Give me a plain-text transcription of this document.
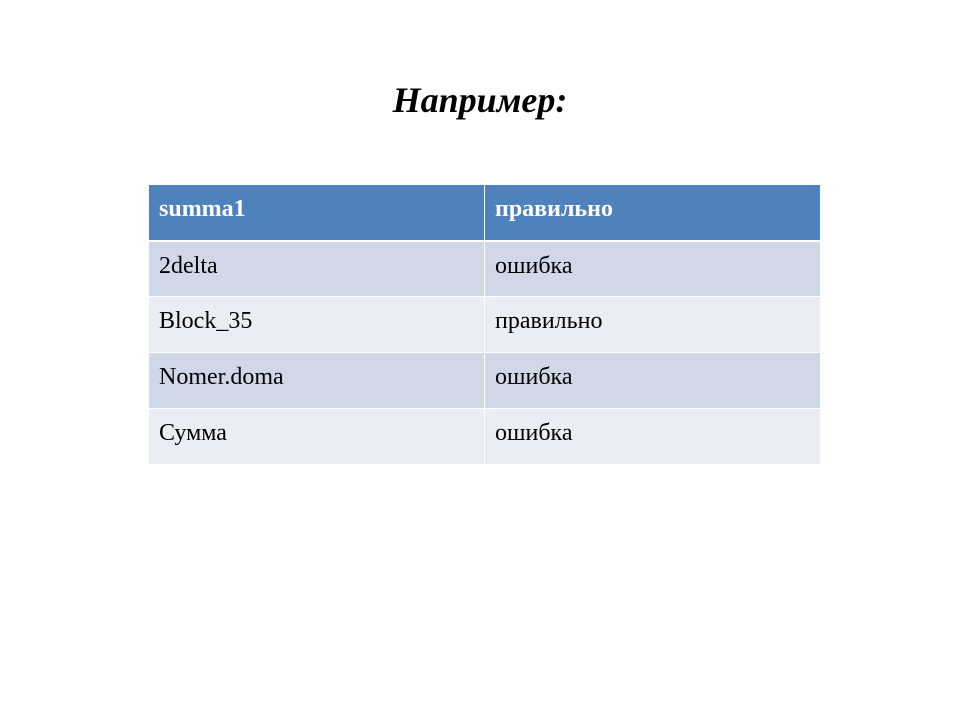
Например:
summa1	правильно
2delta	ошибка
Block_35	правильно
Nomer.doma	ошибка
Сумма	ошибка
